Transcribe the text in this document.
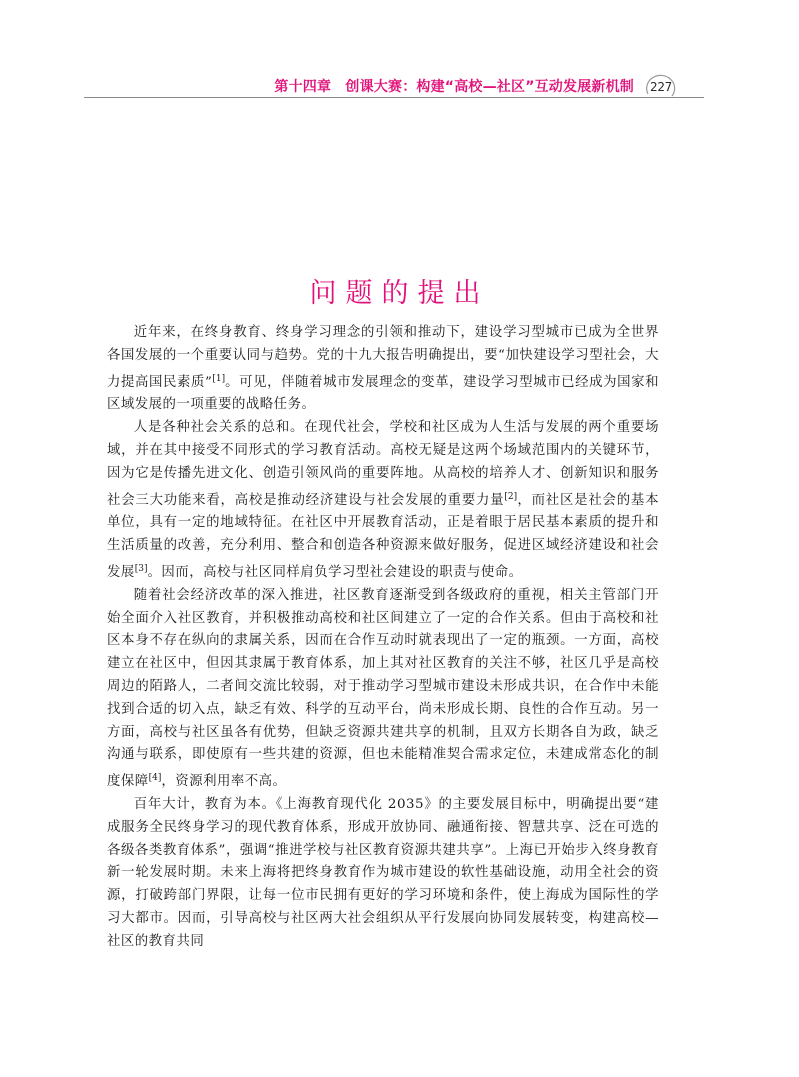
第十四章　创课大赛：构建“高校—社区”互动发展新机制	227
问题的提出

近年来，在终身教育、终身学习理念的引领和推动下，建设学习型城市已成为全世界各国发展的一个重要认同与趋势。党的十九大报告明确提出，要“加快建设学习型社会，大力提高国民素质”[1]。可见，伴随着城市发展理念的变革，建设学习型城市已经成为国家和区域发展的一项重要的战略任务。

人是各种社会关系的总和。在现代社会，学校和社区成为人生活与发展的两个重要场域，并在其中接受不同形式的学习教育活动。高校无疑是这两个场域范围内的关键环节，因为它是传播先进文化、创造引领风尚的重要阵地。从高校的培养人才、创新知识和服务社会三大功能来看，高校是推动经济建设与社会发展的重要力量[2]，而社区是社会的基本单位，具有一定的地域特征。在社区中开展教育活动，正是着眼于居民基本素质的提升和生活质量的改善，充分利用、整合和创造各种资源来做好服务，促进区域经济建设和社会发展[3]。因而，高校与社区同样肩负学习型社会建设的职责与使命。

随着社会经济改革的深入推进，社区教育逐渐受到各级政府的重视，相关主管部门开始全面介入社区教育，并积极推动高校和社区间建立了一定的合作关系。但由于高校和社区本身不存在纵向的隶属关系，因而在合作互动时就表现出了一定的瓶颈。一方面，高校建立在社区中，但因其隶属于教育体系，加上其对社区教育的关注不够，社区几乎是高校周边的陌路人，二者间交流比较弱，对于推动学习型城市建设未形成共识，在合作中未能找到合适的切入点，缺乏有效、科学的互动平台，尚未形成长期、良性的合作互动。另一方面，高校与社区虽各有优势，但缺乏资源共建共享的机制，且双方长期各自为政，缺乏沟通与联系，即使原有一些共建的资源，但也未能精准契合需求定位，未建成常态化的制度保障[4]，资源利用率不高。

百年大计，教育为本。《上海教育现代化 2035》的主要发展目标中，明确提出要“建成服务全民终身学习的现代教育体系，形成开放协同、融通衔接、智慧共享、泛在可选的各级各类教育体系”，强调“推进学校与社区教育资源共建共享”。上海已开始步入终身教育新一轮发展时期。未来上海将把终身教育作为城市建设的软性基础设施，动用全社会的资源，打破跨部门界限，让每一位市民拥有更好的学习环境和条件，使上海成为国际性的学习大都市。因而，引导高校与社区两大社会组织从平行发展向协同发展转变，构建高校—社区的教育共同
